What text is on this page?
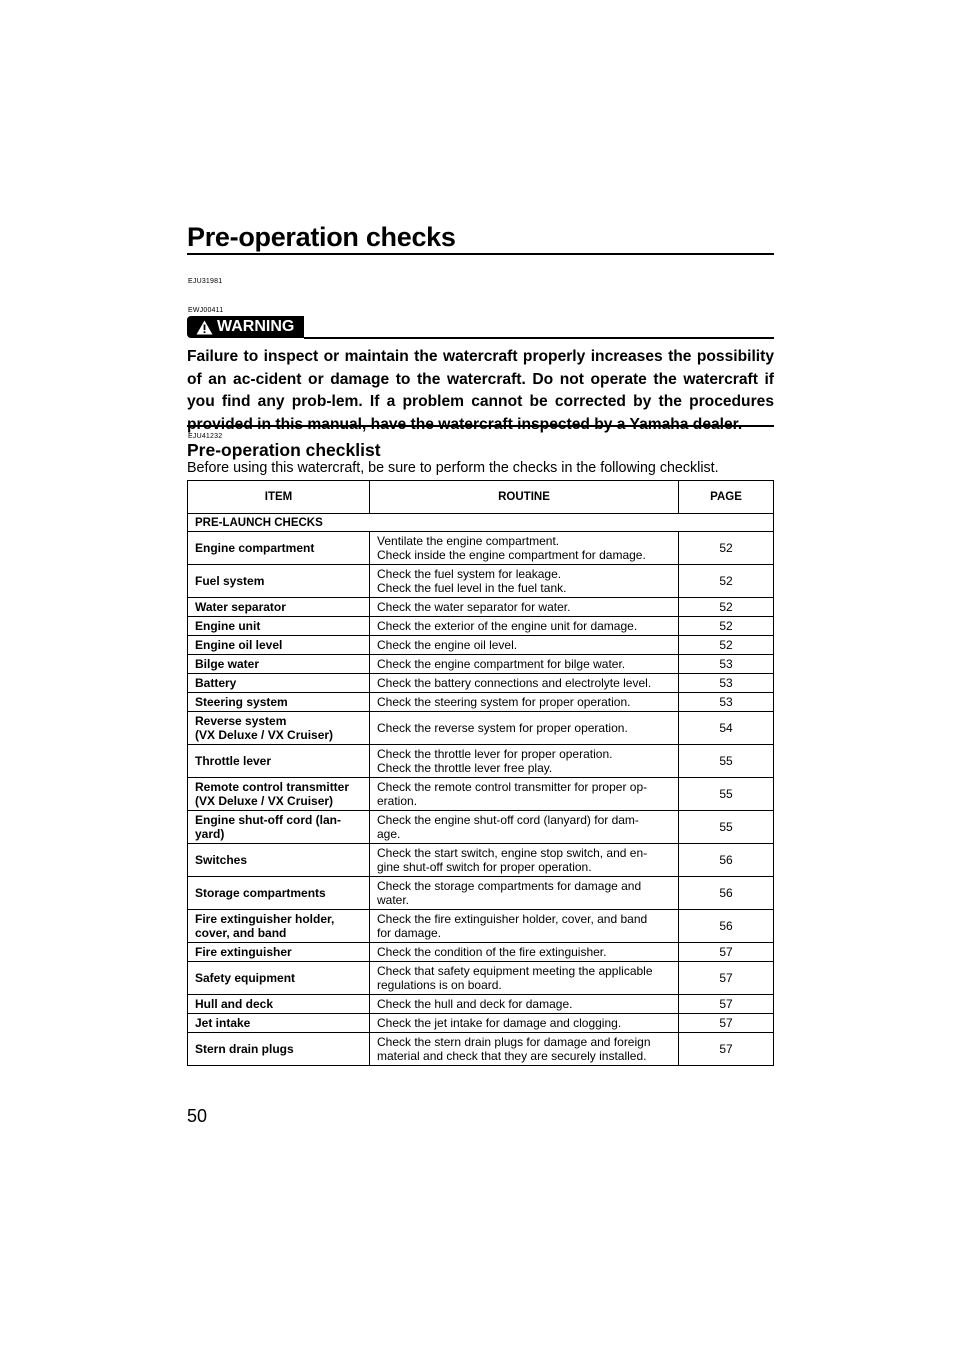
Pre-operation checks
EJU31981
EWJ00411
WARNING
Failure to inspect or maintain the watercraft properly increases the possibility of an ac-cident or damage to the watercraft. Do not operate the watercraft if you find any prob-lem. If a problem cannot be corrected by the procedures
EJU41232
Pre-operation checklist
Before using this watercraft, be sure to perform the checks in the following checklist.
ITEM	ROUTINE	PAGE
PRE-LAUNCH CHECKS		
Engine compartment	Ventilate the engine compartment.
Check inside the engine compartment for damage.	52
Fuel system	Check the fuel system for leakage.
Check the fuel level in the fuel tank.	52
Water separator	Check the water separator for water.	52
Engine unit	Check the exterior of the engine unit for damage.	52
Engine oil level	Check the engine oil level.	52
Bilge water	Check the engine compartment for bilge water.	53
Battery	Check the battery connections and electrolyte level.	53
Steering system	Check the steering system for proper operation.	53
Reverse system
(VX Deluxe / VX Cruiser)	Check the reverse system for proper operation.	54
Throttle lever	Check the throttle lever for proper operation.
Check the throttle lever free play.	55
Remote control transmitter
(VX Deluxe / VX Cruiser)	Check the remote control transmitter for proper op-
eration.	55
Engine shut-off cord (lan-
yard)	Check the engine shut-off cord (lanyard) for dam-
age.	55
Switches	Check the start switch, engine stop switch, and en-
gine shut-off switch for proper operation.	56
Storage compartments	Check the storage compartments for damage and
water.	56
Fire extinguisher holder,
cover, and band	Check the fire extinguisher holder, cover, and band
for damage.	56
Fire extinguisher	Check the condition of the fire extinguisher.	57
Safety equipment	Check that safety equipment meeting the applicable
regulations is on board.	57
Hull and deck	Check the hull and deck for damage.	57
Jet intake	Check the jet intake for damage and clogging.	57
Stern drain plugs	Check the stern drain plugs for damage and foreign
material and check that they are securely installed.	57
50
